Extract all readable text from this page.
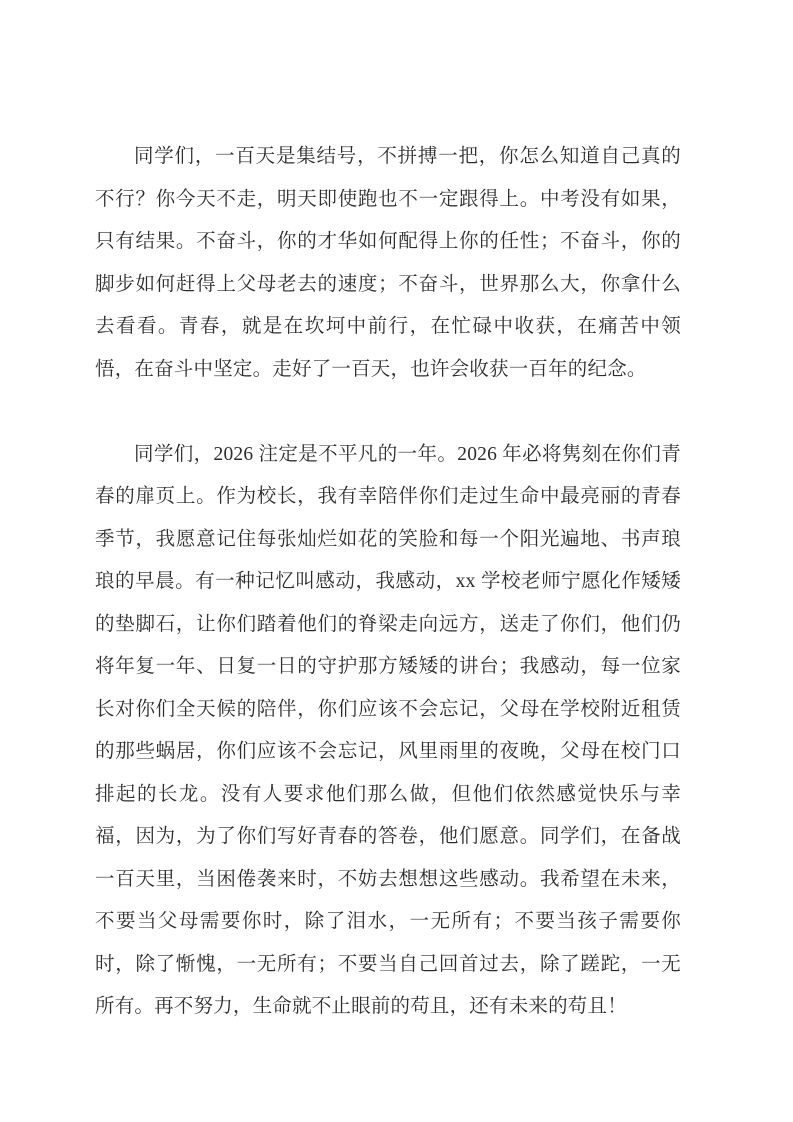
同学们，一百天是集结号，不拼搏一把，你怎么知道自己真的不行？你今天不走，明天即使跑也不一定跟得上。中考没有如果，只有结果。不奋斗，你的才华如何配得上你的任性；不奋斗，你的脚步如何赶得上父母老去的速度；不奋斗，世界那么大，你拿什么去看看。青春，就是在坎坷中前行，在忙碌中收获，在痛苦中领悟，在奋斗中坚定。走好了一百天，也许会收获一百年的纪念。

同学们，2026 注定是不平凡的一年。2026 年必将隽刻在你们青春的扉页上。作为校长，我有幸陪伴你们走过生命中最亮丽的青春季节，我愿意记住每张灿烂如花的笑脸和每一个阳光遍地、书声琅琅的早晨。有一种记忆叫感动，我感动，xx 学校老师宁愿化作矮矮的垫脚石，让你们踏着他们的脊梁走向远方，送走了你们，他们仍将年复一年、日复一日的守护那方矮矮的讲台；我感动，每一位家长对你们全天候的陪伴，你们应该不会忘记，父母在学校附近租赁的那些蜗居，你们应该不会忘记，风里雨里的夜晚，父母在校门口排起的长龙。没有人要求他们那么做，但他们依然感觉快乐与幸福，因为，为了你们写好青春的答卷，他们愿意。同学们，在备战一百天里，当困倦袭来时，不妨去想想这些感动。我希望在未来，不要当父母需要你时，除了泪水，一无所有；不要当孩子需要你时，除了惭愧，一无所有；不要当自己回首过去，除了蹉跎，一无所有。再不努力，生命就不止眼前的苟且，还有未来的苟且！
